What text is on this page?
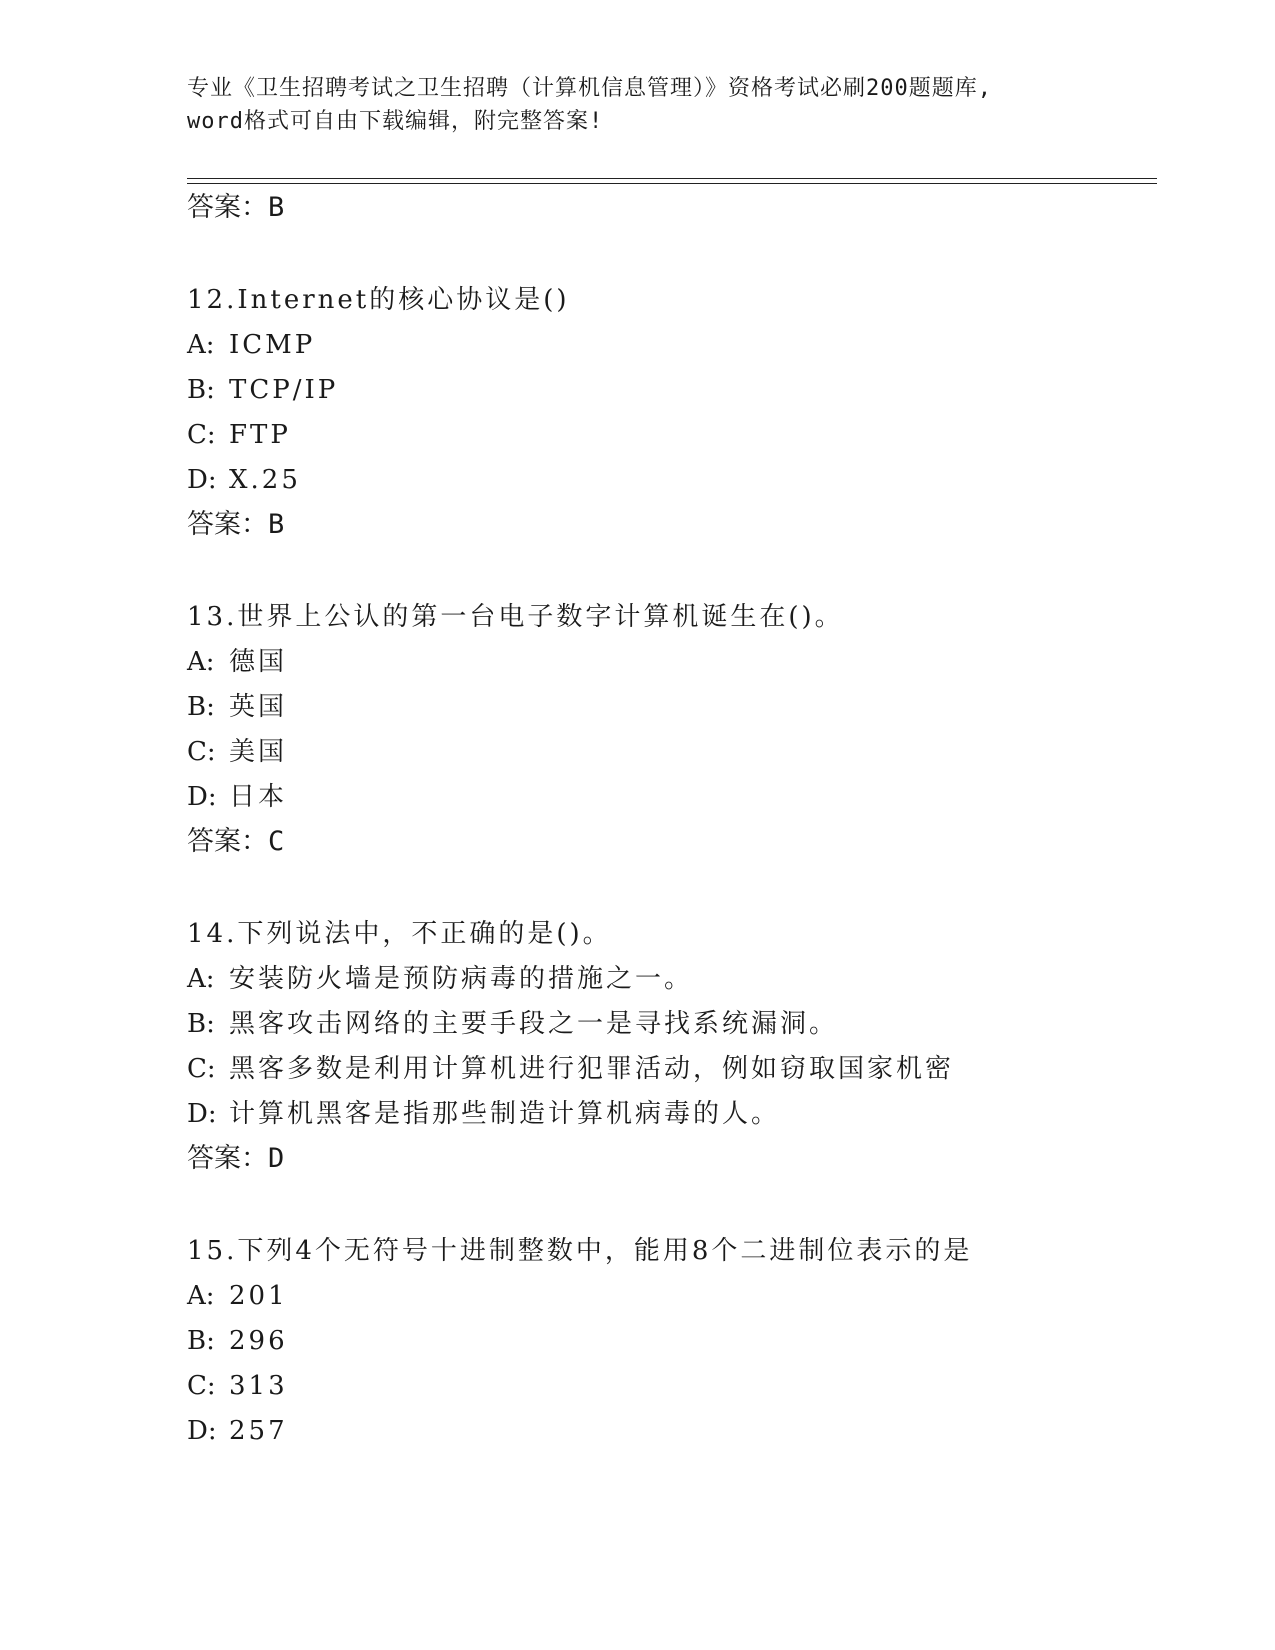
专业《卫生招聘考试之卫生招聘（计算机信息管理）》资格考试必刷200题题库,
word格式可自由下载编辑，附完整答案!
答案：B
12.Internet的核心协议是()
A: ICMP
B: TCP/IP
C: FTP
D: X.25
答案：B
13.世界上公认的第一台电子数字计算机诞生在()。
A: 德国
B: 英国
C: 美国
D: 日本
答案：C
14.下列说法中，不正确的是()。
A: 安装防火墙是预防病毒的措施之一。
B: 黑客攻击网络的主要手段之一是寻找系统漏洞。
C: 黑客多数是利用计算机进行犯罪活动，例如窃取国家机密
D: 计算机黑客是指那些制造计算机病毒的人。
答案：D
15.下列4个无符号十进制整数中，能用8个二进制位表示的是
A: 201
B: 296
C: 313
D: 257
